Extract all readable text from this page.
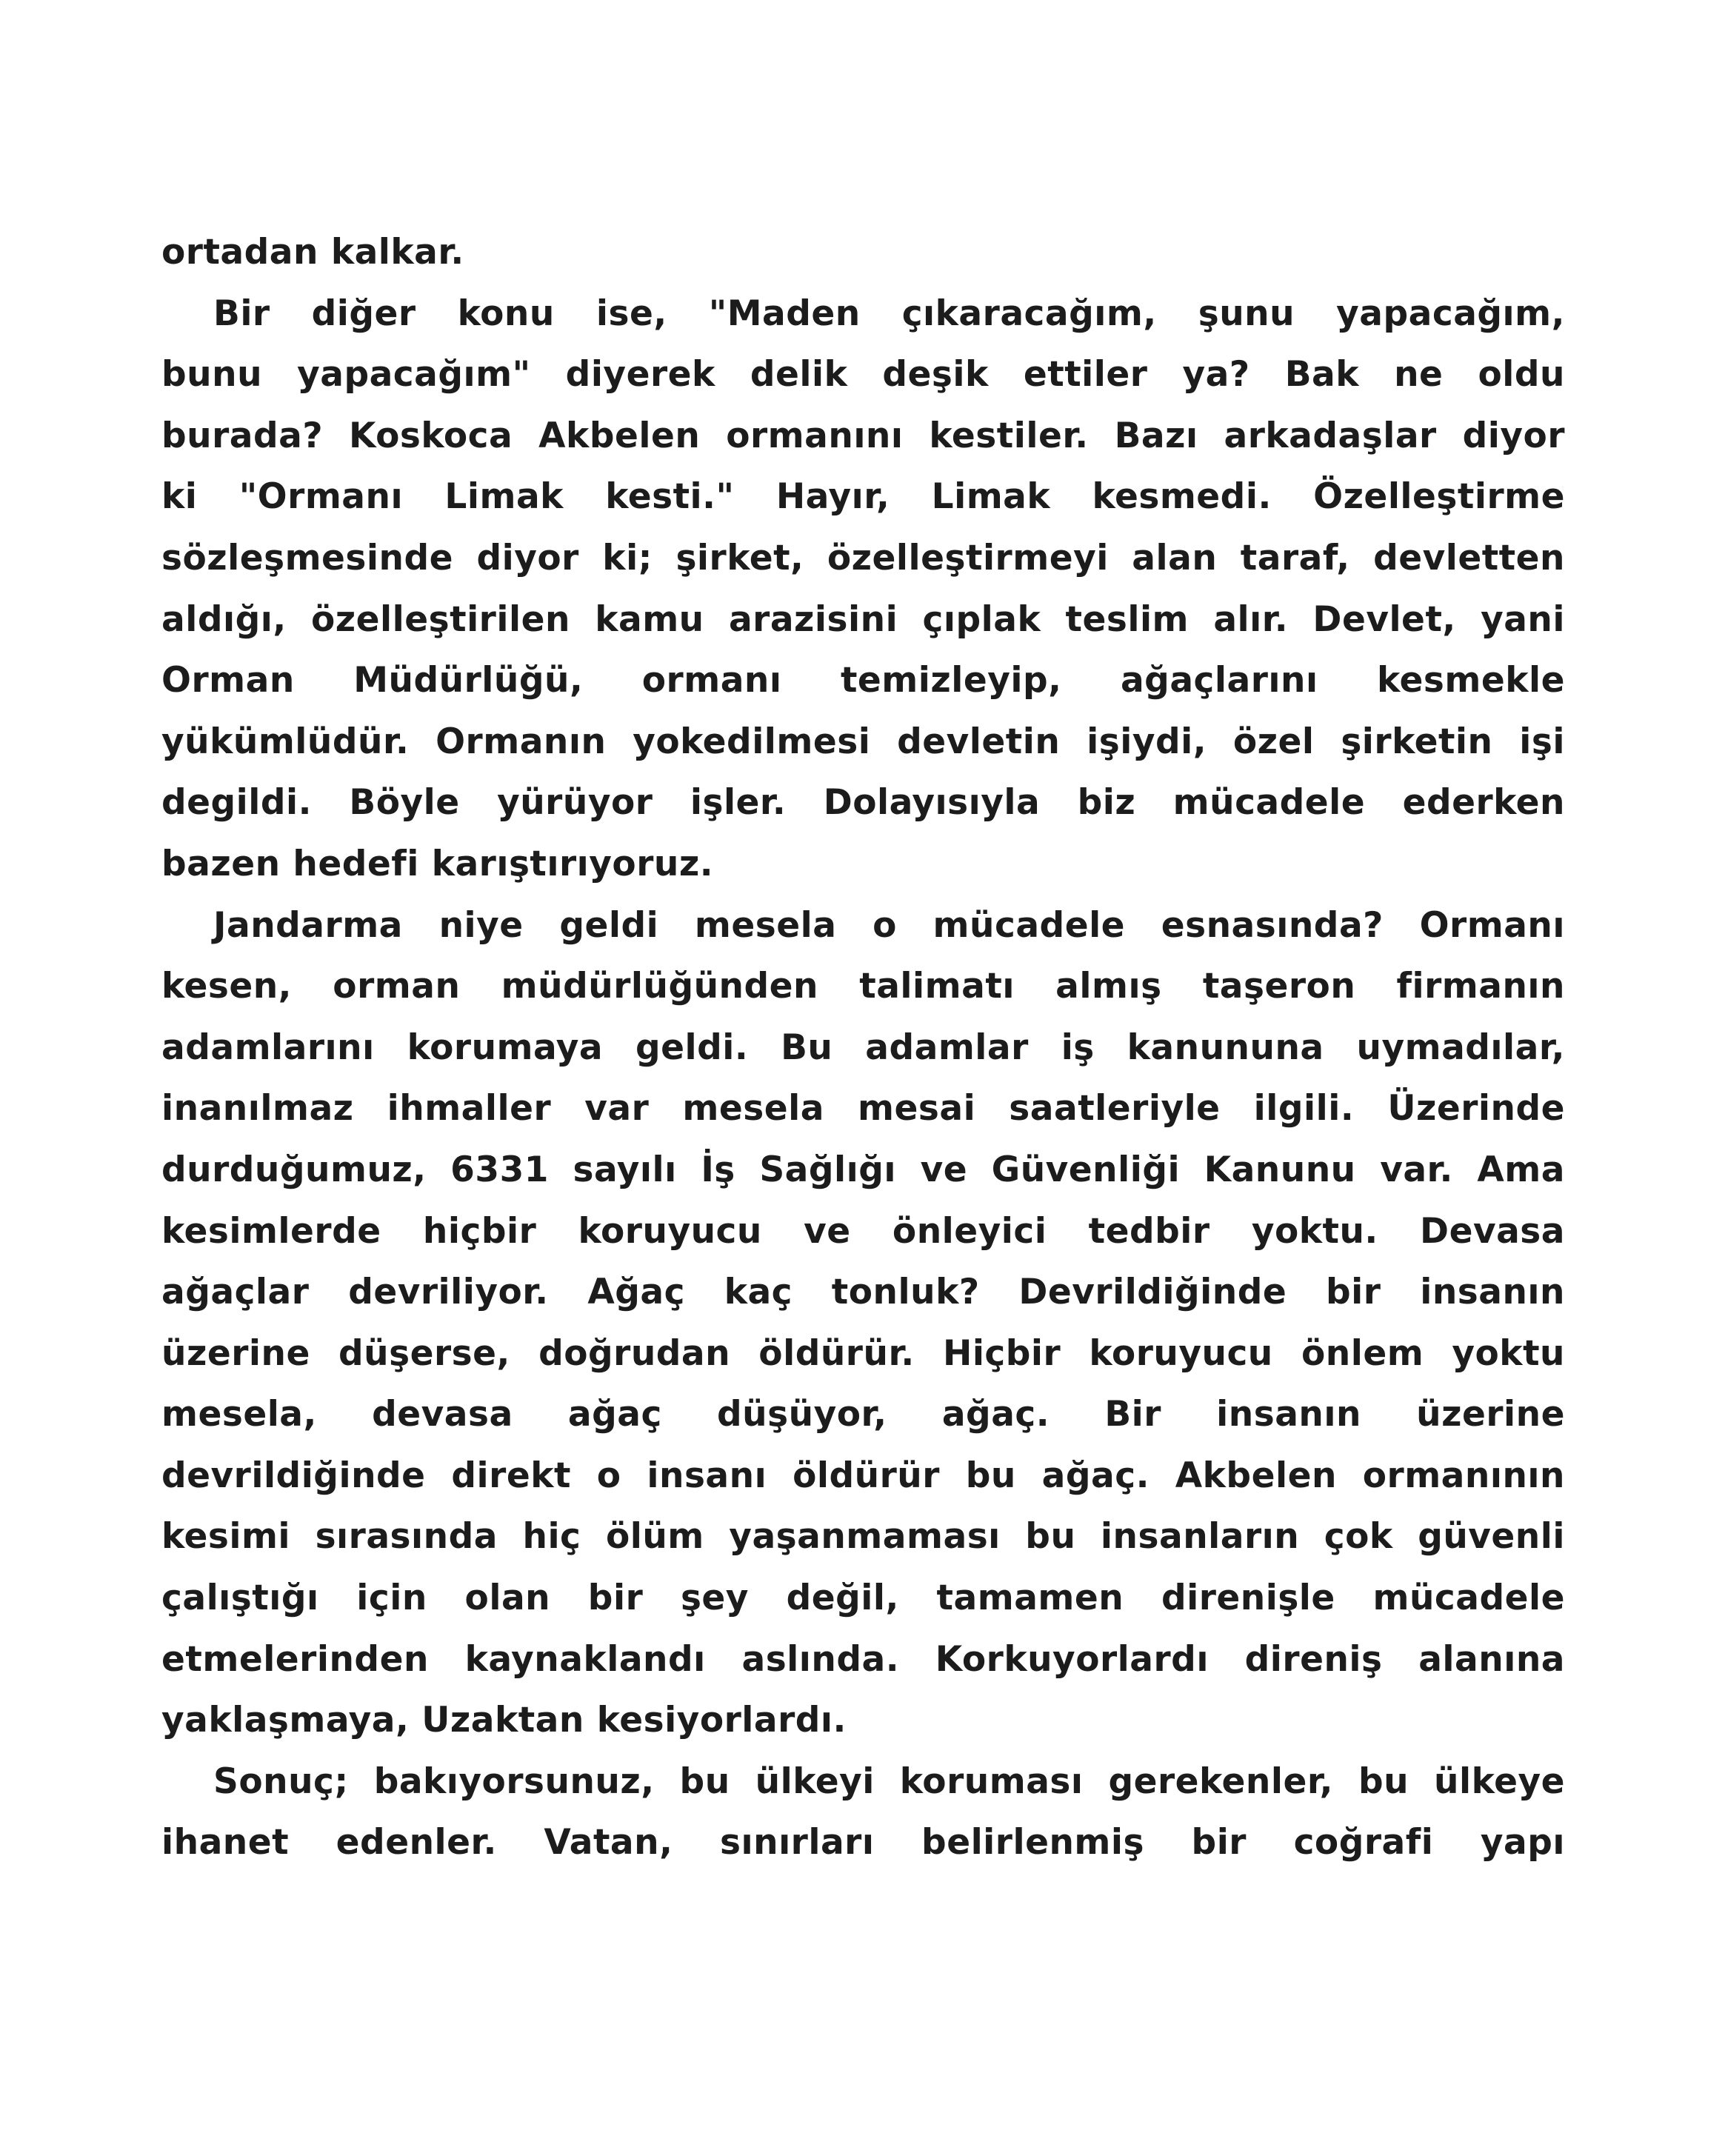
ortadan kalkar.
Bir diğer konu ise, "Maden çıkaracağım, şunu yapacağım,
bunu yapacağım" diyerek delik deşik ettiler ya? Bak ne oldu
burada? Koskoca Akbelen ormanını kestiler. Bazı arkadaşlar diyor
ki "Ormanı Limak kesti." Hayır, Limak kesmedi. Özelleştirme
sözleşmesinde diyor ki; şirket, özelleştirmeyi alan taraf, devletten
aldığı, özelleştirilen kamu arazisini çıplak teslim alır. Devlet, yani
Orman Müdürlüğü, ormanı temizleyip, ağaçlarını kesmekle
yükümlüdür. Ormanın yokedilmesi devletin işiydi, özel şirketin işi
degildi. Böyle yürüyor işler. Dolayısıyla biz mücadele ederken
bazen hedefi karıştırıyoruz.
Jandarma niye geldi mesela o mücadele esnasında? Ormanı
kesen, orman müdürlüğünden talimatı almış taşeron firmanın
adamlarını korumaya geldi. Bu adamlar iş kanununa uymadılar,
inanılmaz ihmaller var mesela mesai saatleriyle ilgili. Üzerinde
durduğumuz, 6331 sayılı İş Sağlığı ve Güvenliği Kanunu var. Ama
kesimlerde hiçbir koruyucu ve önleyici tedbir yoktu. Devasa
ağaçlar devriliyor. Ağaç kaç tonluk? Devrildiğinde bir insanın
üzerine düşerse, doğrudan öldürür. Hiçbir koruyucu önlem yoktu
mesela, devasa ağaç düşüyor, ağaç. Bir insanın üzerine
devrildiğinde direkt o insanı öldürür bu ağaç. Akbelen ormanının
kesimi sırasında hiç ölüm yaşanmaması bu insanların çok güvenli
çalıştığı için olan bir şey değil, tamamen direnişle mücadele
etmelerinden kaynaklandı aslında. Korkuyorlardı direniş alanına
yaklaşmaya, Uzaktan kesiyorlardı.
Sonuç; bakıyorsunuz, bu ülkeyi koruması gerekenler, bu ülkeye
ihanet edenler. Vatan, sınırları belirlenmiş bir coğrafi yapı
